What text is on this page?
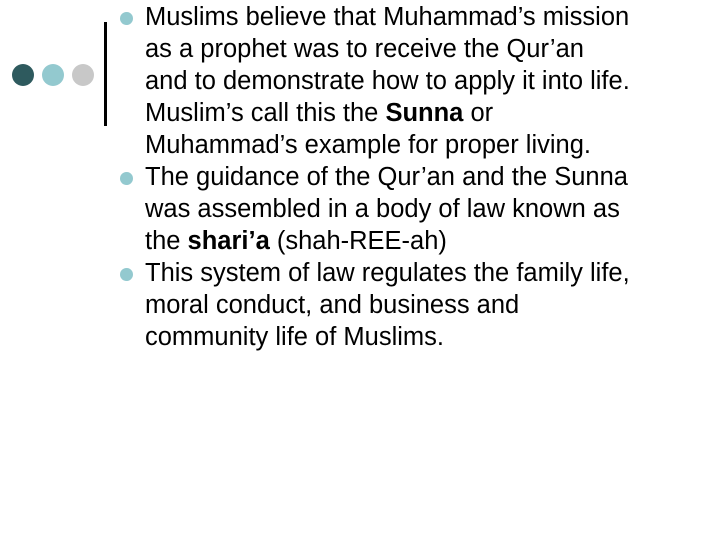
Muslims believe that Muhammad’s mission
as a prophet was to receive the Qur’an
and to demonstrate how to apply it into life.
Muslim’s call this the Sunna or
Muhammad’s example for proper living.

The guidance of the Qur’an and the Sunna
was assembled in a body of law known as
the shari’a (shah-REE-ah)

This system of law regulates the family life,
moral conduct, and business and
community life of Muslims.
